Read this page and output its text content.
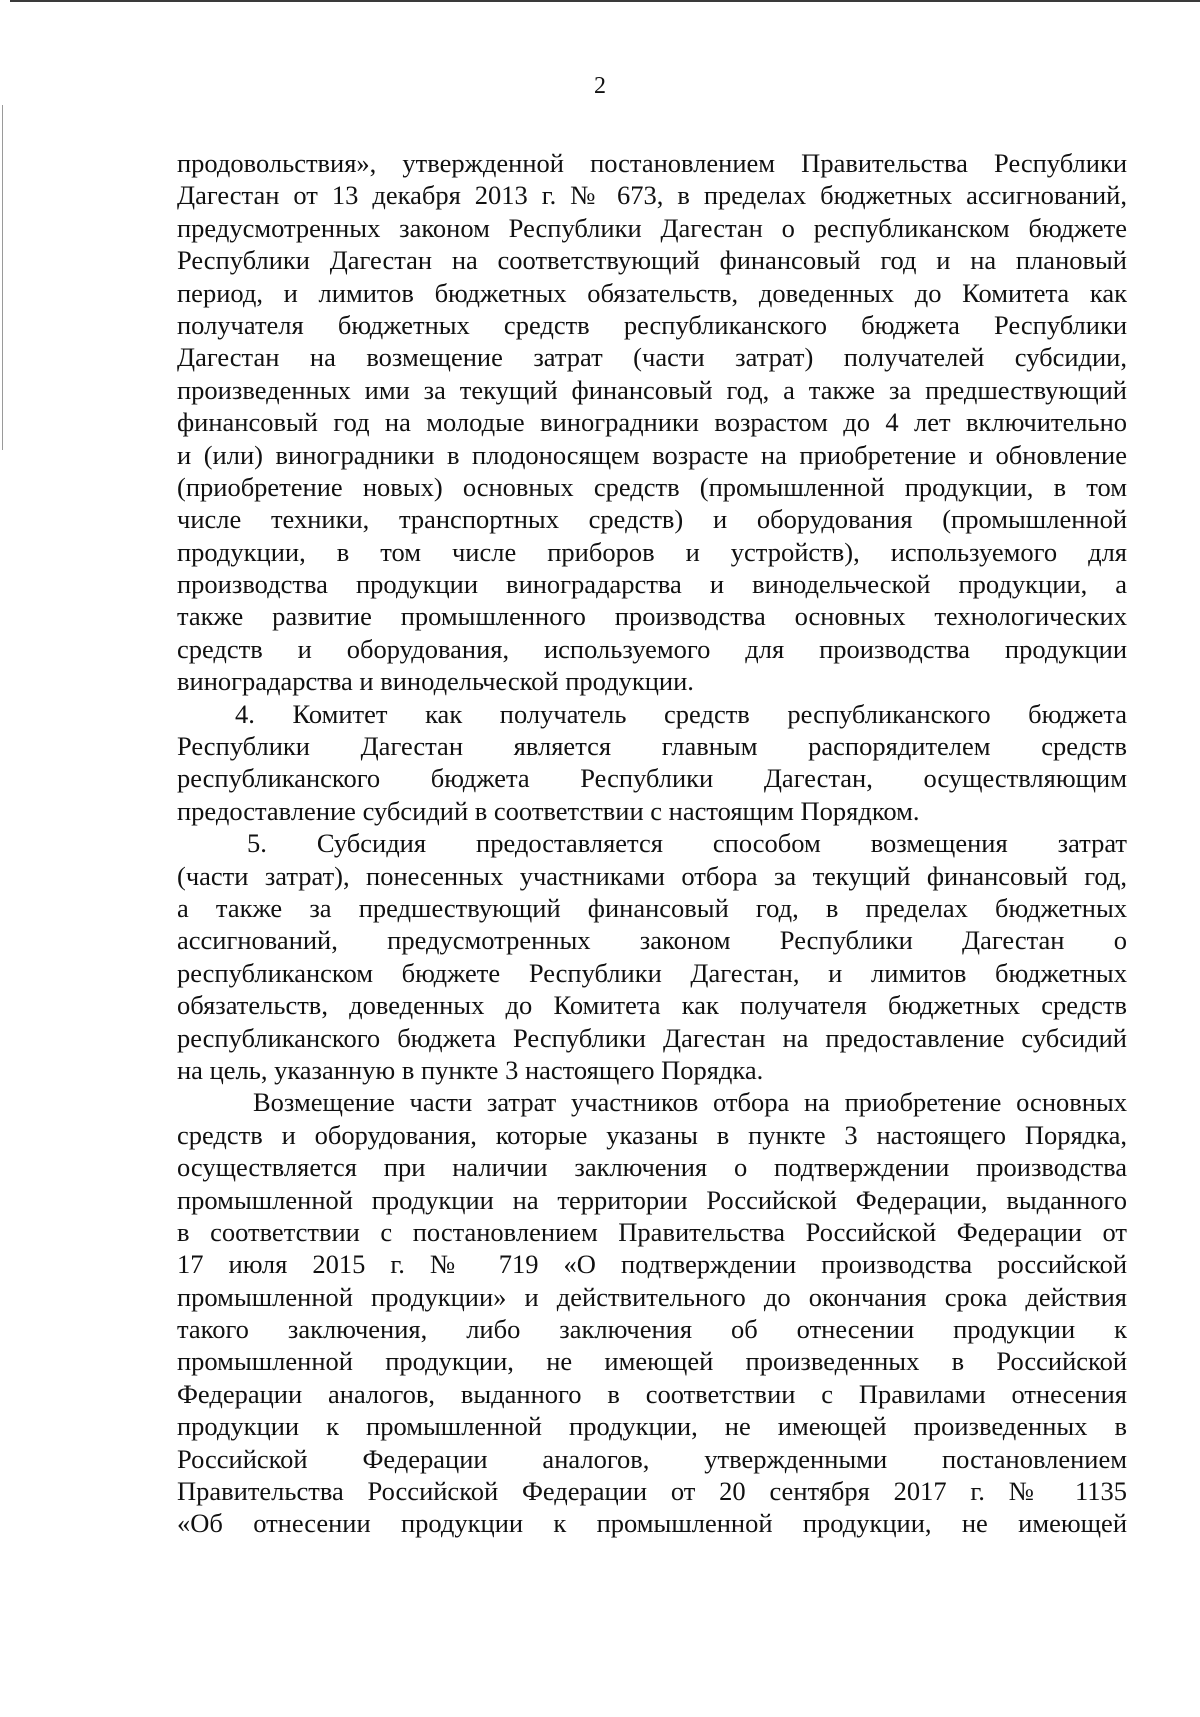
2
продовольствия», утвержденной постановлением Правительства Республики
Дагестан от 13 декабря 2013 г. № 673, в пределах бюджетных ассигнований,
предусмотренных законом Республики Дагестан о республиканском бюджете
Республики Дагестан на соответствующий финансовый год и на плановый
период, и лимитов бюджетных обязательств, доведенных до Комитета как
получателя бюджетных средств республиканского бюджета Республики
Дагестан на возмещение затрат (части затрат) получателей субсидии,
произведенных ими за текущий финансовый год, а также за предшествующий
финансовый год на молодые виноградники возрастом до 4 лет включительно
и (или) виноградники в плодоносящем возрасте на приобретение и обновление
(приобретение новых) основных средств (промышленной продукции, в том
числе техники, транспортных средств) и оборудования (промышленной
продукции, в том числе приборов и устройств), используемого для
производства продукции виноградарства и винодельческой продукции, а
также развитие промышленного производства основных технологических
средств и оборудования, используемого для производства продукции
виноградарства и винодельческой продукции.
4. Комитет как получатель средств республиканского бюджета
Республики Дагестан является главным распорядителем средств
республиканского бюджета Республики Дагестан, осуществляющим
предоставление субсидий в соответствии с настоящим Порядком.
5. Субсидия предоставляется способом возмещения затрат
(части затрат), понесенных участниками отбора за текущий финансовый год,
а также за предшествующий финансовый год, в пределах бюджетных
ассигнований, предусмотренных законом Республики Дагестан о
республиканском бюджете Республики Дагестан, и лимитов бюджетных
обязательств, доведенных до Комитета как получателя бюджетных средств
республиканского бюджета Республики Дагестан на предоставление субсидий
на цель, указанную в пункте 3 настоящего Порядка.
Возмещение части затрат участников отбора на приобретение основных
средств и оборудования, которые указаны в пункте 3 настоящего Порядка,
осуществляется при наличии заключения о подтверждении производства
промышленной продукции на территории Российской Федерации, выданного
в соответствии с постановлением Правительства Российской Федерации от
17 июля 2015 г. № 719 «О подтверждении производства российской
промышленной продукции» и действительного до окончания срока действия
такого заключения, либо заключения об отнесении продукции к
промышленной продукции, не имеющей произведенных в Российской
Федерации аналогов, выданного в соответствии с Правилами отнесения
продукции к промышленной продукции, не имеющей произведенных в
Российской Федерации аналогов, утвержденными постановлением
Правительства Российской Федерации от 20 сентября 2017 г. № 1135
«Об отнесении продукции к промышленной продукции, не имеющей
